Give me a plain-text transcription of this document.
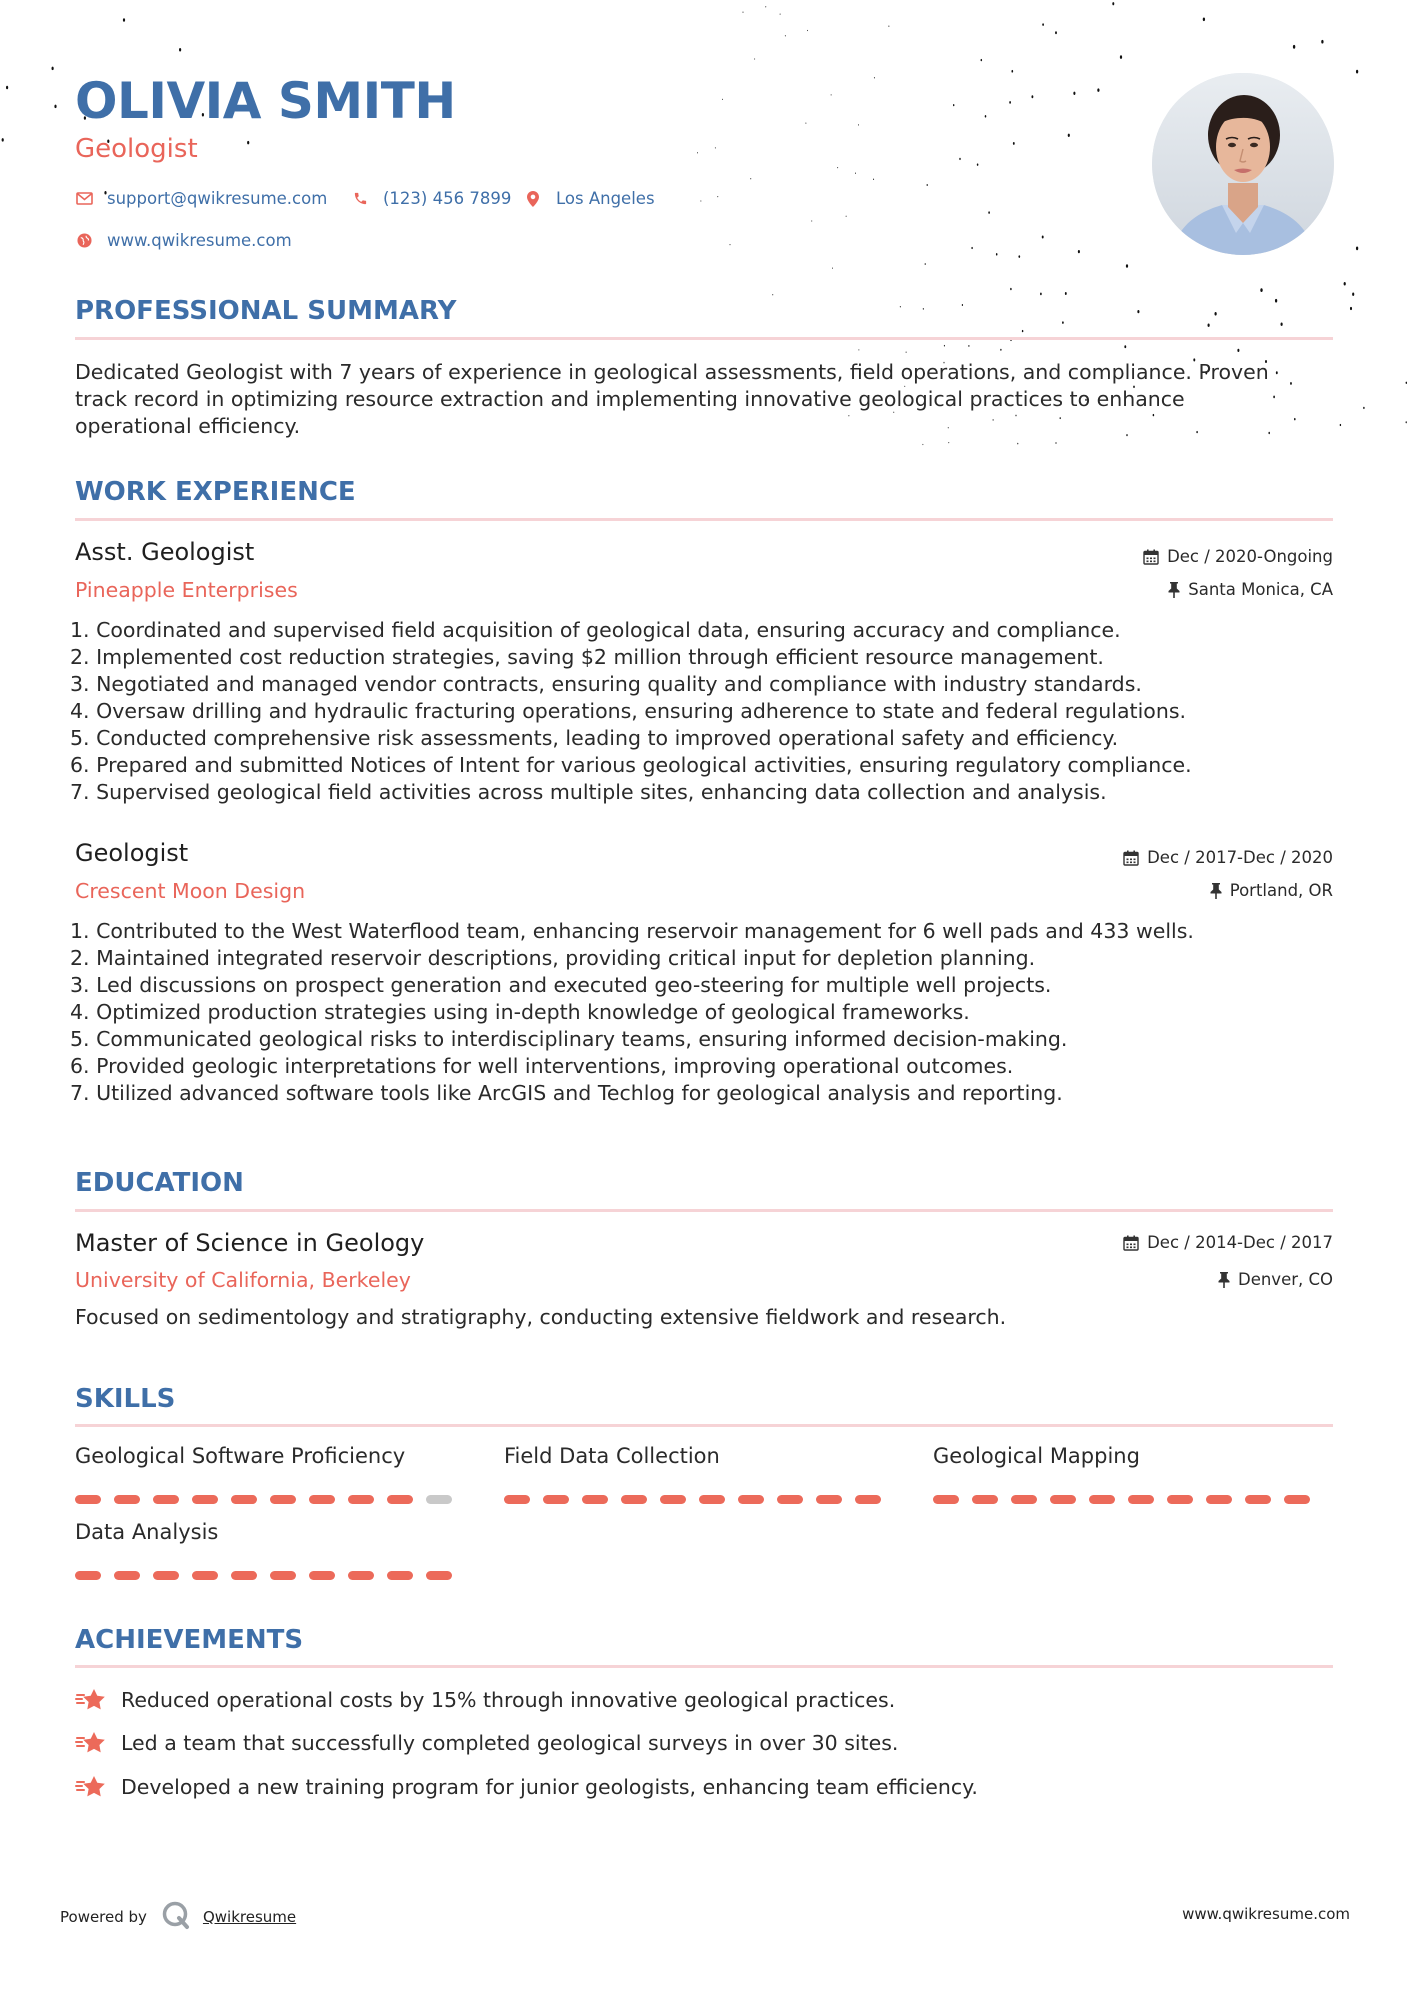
OLIVIA SMITH
Geologist
support@qwikresume.com	(123) 456 7899	Los Angeles
www.qwikresume.com
PROFESSIONAL SUMMARY
Dedicated Geologist with 7 years of experience in geological assessments, field operations, and compliance. Proven
track record in optimizing resource extraction and implementing innovative geological practices to enhance
operational efficiency.
WORK EXPERIENCE
Asst. Geologist	Dec / 2020-Ongoing
Pineapple Enterprises	Santa Monica, CA
1. Coordinated and supervised field acquisition of geological data, ensuring accuracy and compliance.
2. Implemented cost reduction strategies, saving $2 million through efficient resource management.
3. Negotiated and managed vendor contracts, ensuring quality and compliance with industry standards.
4. Oversaw drilling and hydraulic fracturing operations, ensuring adherence to state and federal regulations.
5. Conducted comprehensive risk assessments, leading to improved operational safety and efficiency.
6. Prepared and submitted Notices of Intent for various geological activities, ensuring regulatory compliance.
7. Supervised geological field activities across multiple sites, enhancing data collection and analysis.
Geologist	Dec / 2017-Dec / 2020
Crescent Moon Design	Portland, OR
1. Contributed to the West Waterflood team, enhancing reservoir management for 6 well pads and 433 wells.
2. Maintained integrated reservoir descriptions, providing critical input for depletion planning.
3. Led discussions on prospect generation and executed geo-steering for multiple well projects.
4. Optimized production strategies using in-depth knowledge of geological frameworks.
5. Communicated geological risks to interdisciplinary teams, ensuring informed decision-making.
6. Provided geologic interpretations for well interventions, improving operational outcomes.
7. Utilized advanced software tools like ArcGIS and Techlog for geological analysis and reporting.
EDUCATION
Master of Science in Geology	Dec / 2014-Dec / 2017
University of California, Berkeley	Denver, CO
Focused on sedimentology and stratigraphy, conducting extensive fieldwork and research.
SKILLS
Geological Software Proficiency	Field Data Collection	Geological Mapping
Data Analysis
ACHIEVEMENTS
Reduced operational costs by 15% through innovative geological practices.
Led a team that successfully completed geological surveys in over 30 sites.
Developed a new training program for junior geologists, enhancing team efficiency.
Powered by	Qwikresume	www.qwikresume.com
